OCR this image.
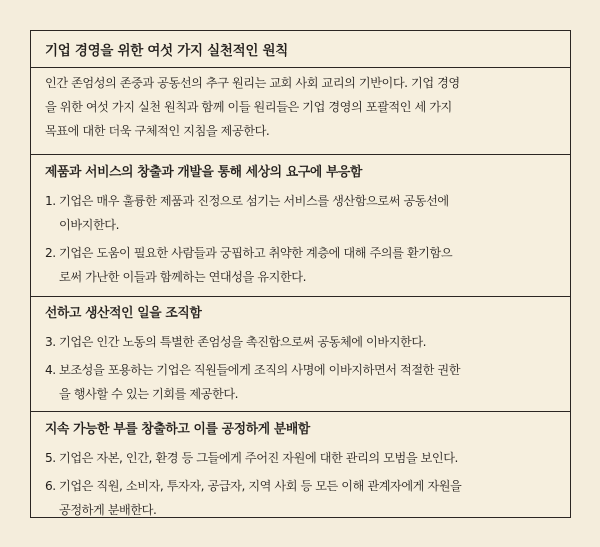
기업 경영을 위한 여섯 가지 실천적인 원칙
인간 존엄성의 존중과 공동선의 추구 원리는 교회 사회 교리의 기반이다. 기업 경영
을 위한 여섯 가지 실천 원칙과 함께 이들 원리들은 기업 경영의 포괄적인 세 가지
목표에 대한 더욱 구체적인 지침을 제공한다.
제품과 서비스의 창출과 개발을 통해 세상의 요구에 부응함
1. 기업은 매우 훌륭한 제품과 진정으로 섬기는 서비스를 생산함으로써 공동선에
이바지한다.
2. 기업은 도움이 필요한 사람들과 궁핍하고 취약한 계층에 대해 주의를 환기함으
로써 가난한 이들과 함께하는 연대성을 유지한다.
선하고 생산적인 일을 조직함
3. 기업은 인간 노동의 특별한 존엄성을 촉진함으로써 공동체에 이바지한다.
4. 보조성을 포용하는 기업은 직원들에게 조직의 사명에 이바지하면서 적절한 권한
을 행사할 수 있는 기회를 제공한다.
지속 가능한 부를 창출하고 이를 공정하게 분배함
5. 기업은 자본, 인간, 환경 등 그들에게 주어진 자원에 대한 관리의 모범을 보인다.
6. 기업은 직원, 소비자, 투자자, 공급자, 지역 사회 등 모든 이해 관계자에게 자원을
공정하게 분배한다.
